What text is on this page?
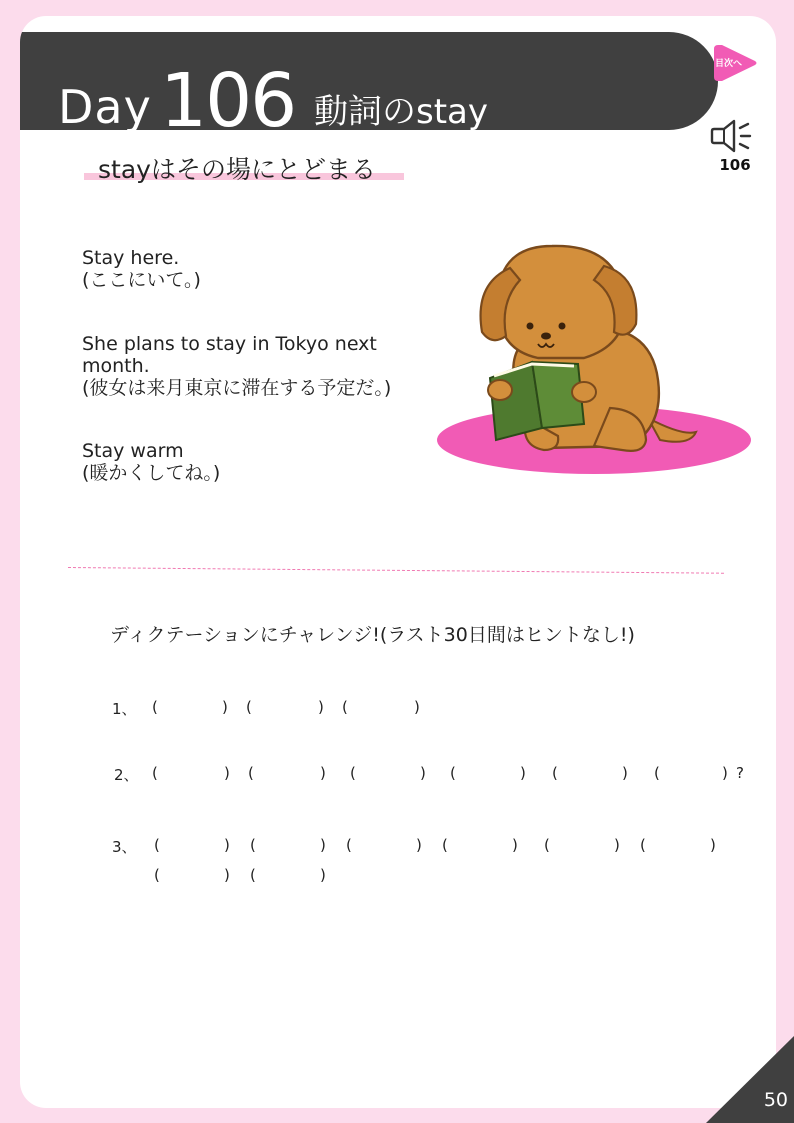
Day 106 動詞のstay
目次へ
106
stayはその場にとどまる
Stay here.
(ここにいて。)
She plans to stay in Tokyo next month.
(彼女は来月東京に滞在する予定だ。)
Stay warm
(暖かくしてね。)
ディクテーションにチャレンジ!(ラスト30日間はヒントなし!)
1、 (	) (	) (	)
2、 (	) (	) (	) (	) (	) (	) ?
3、 (	) (	) (	) (	) (	) (	)
(	) (	)
50
